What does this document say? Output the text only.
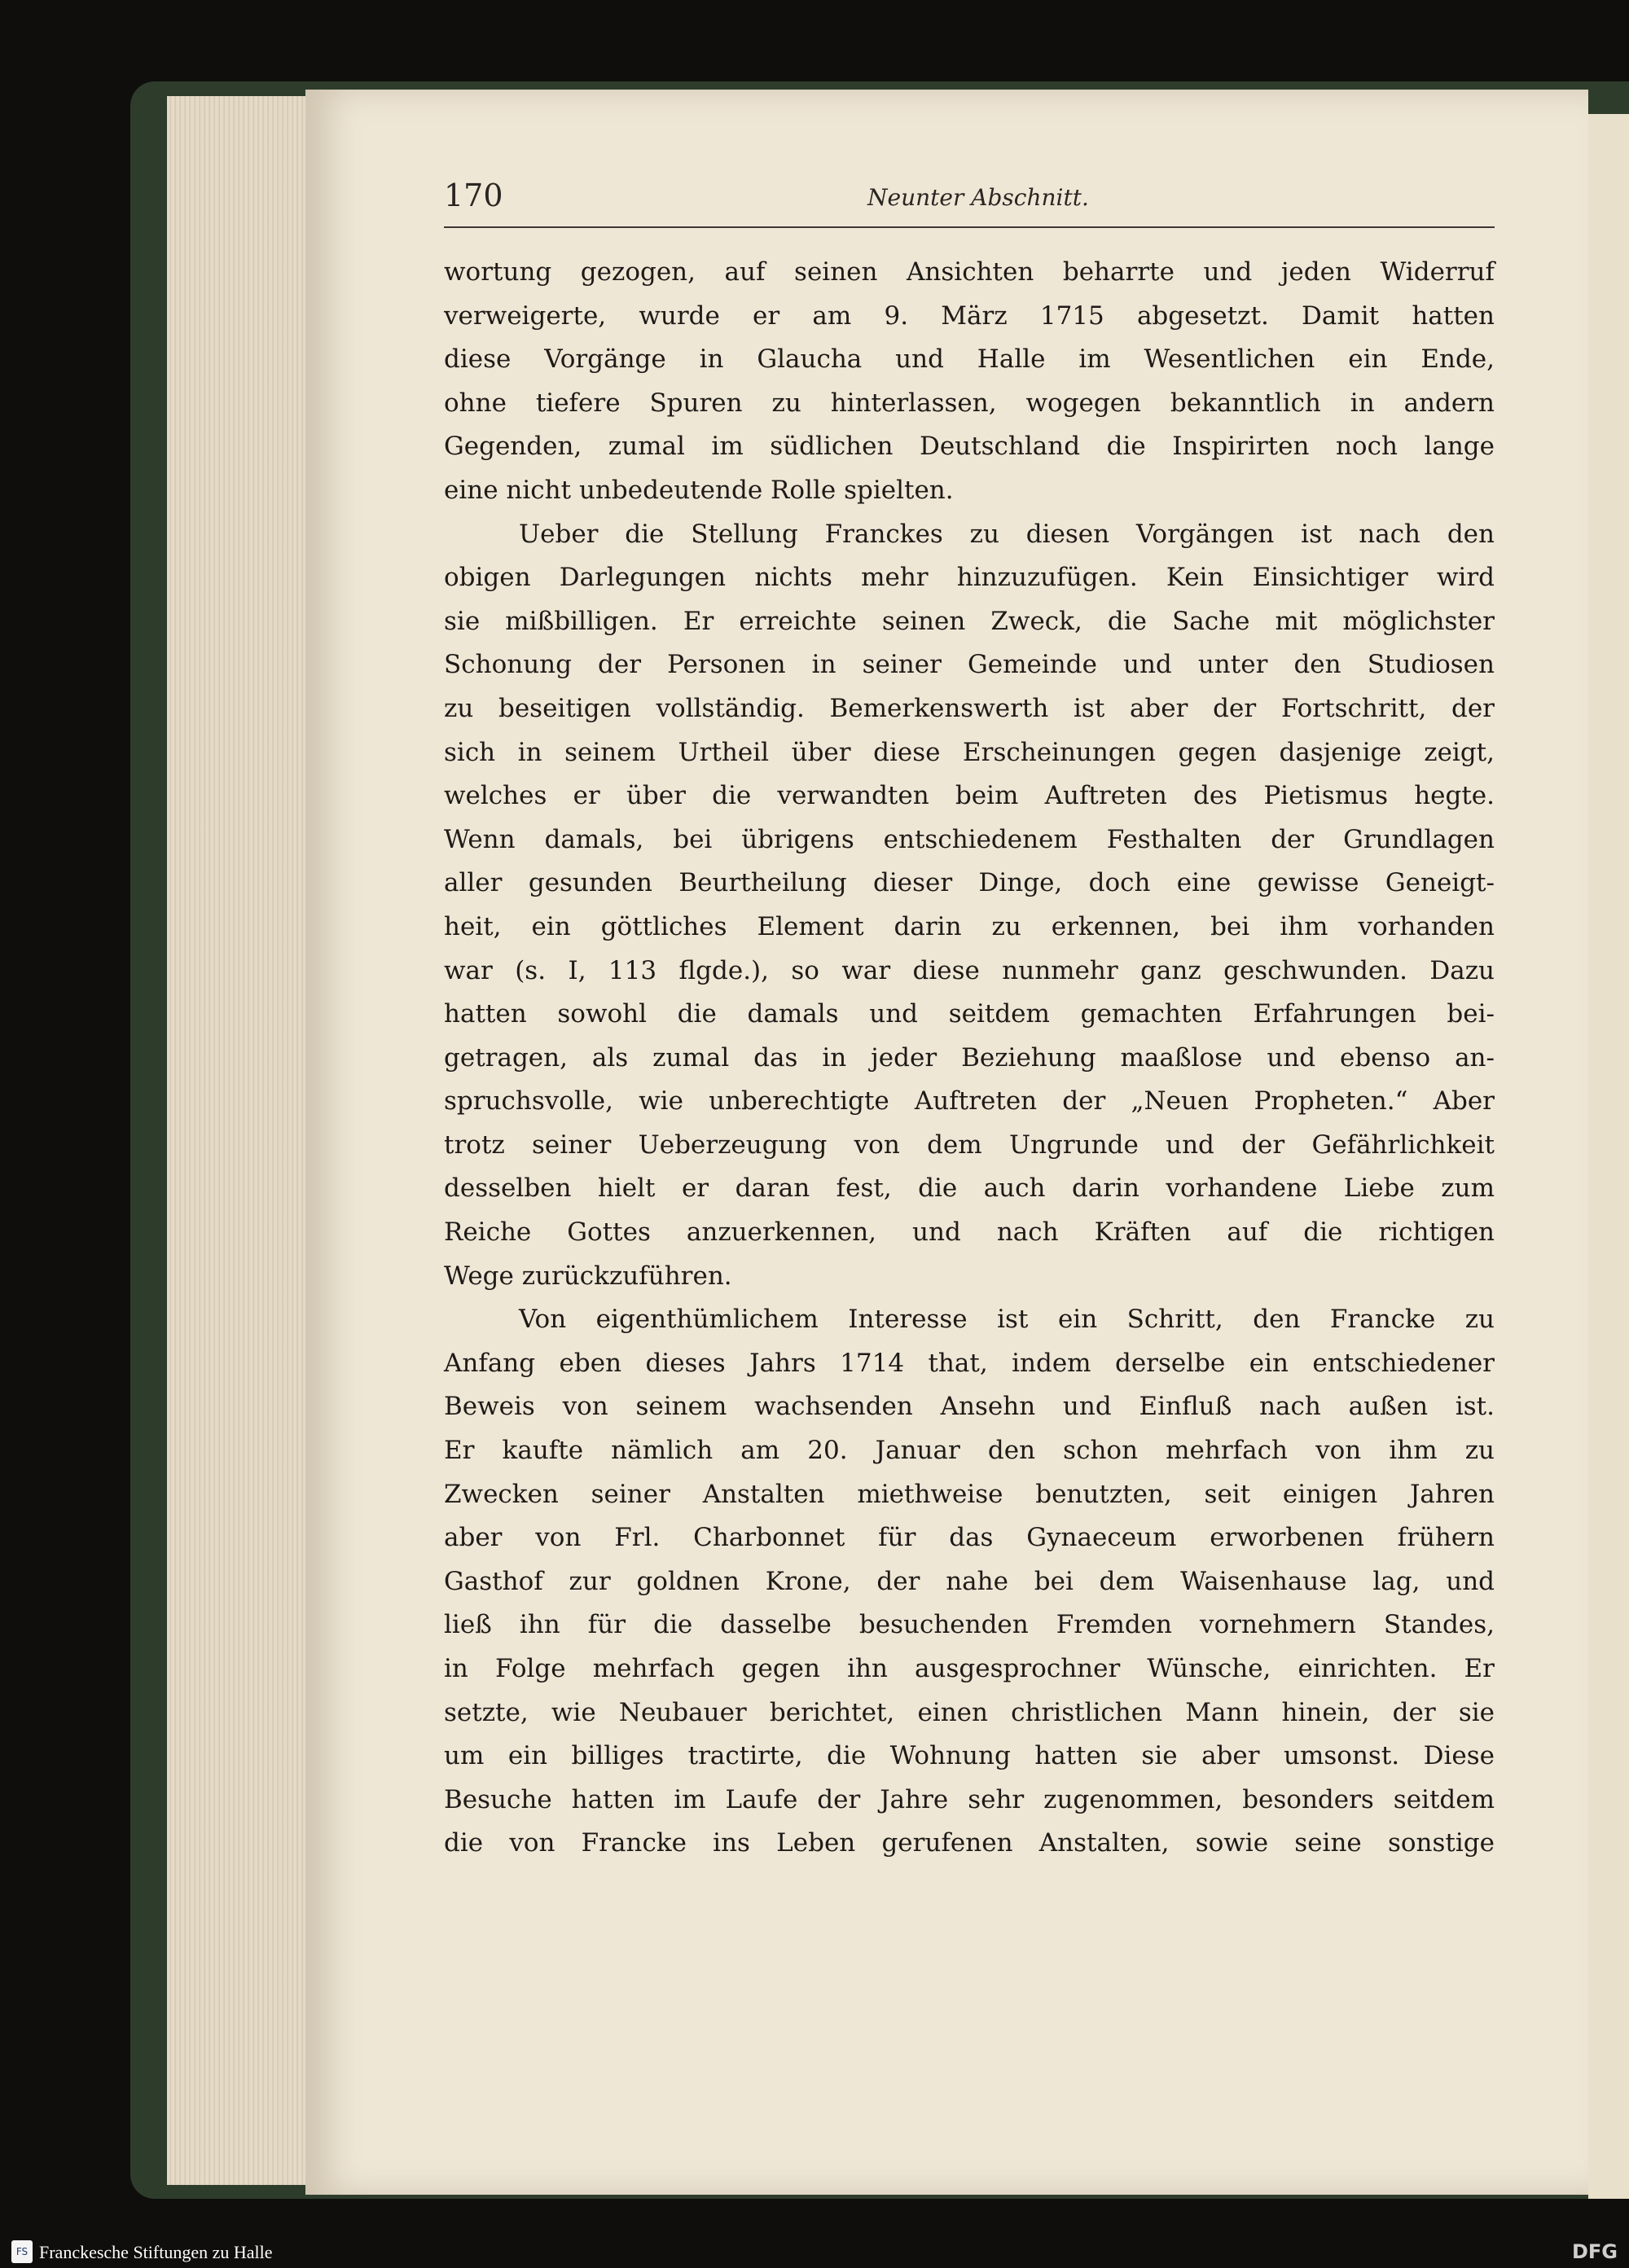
170	Neunter Abschnitt.
wortung gezogen, auf seinen Ansichten beharrte und jeden Widerruf
verweigerte, wurde er am 9. März 1715 abgesetzt. Damit hatten
diese Vorgänge in Glaucha und Halle im Wesentlichen ein Ende,
ohne tiefere Spuren zu hinterlassen, wogegen bekanntlich in andern
Gegenden, zumal im südlichen Deutschland die Inspirirten noch lange
eine nicht unbedeutende Rolle spielten.
Ueber die Stellung Franckes zu diesen Vorgängen ist nach den
obigen Darlegungen nichts mehr hinzuzufügen. Kein Einsichtiger wird
sie mißbilligen. Er erreichte seinen Zweck, die Sache mit möglichster
Schonung der Personen in seiner Gemeinde und unter den Studiosen
zu beseitigen vollständig. Bemerkenswerth ist aber der Fortschritt, der
sich in seinem Urtheil über diese Erscheinungen gegen dasjenige zeigt,
welches er über die verwandten beim Auftreten des Pietismus hegte.
Wenn damals, bei übrigens entschiedenem Festhalten der Grundlagen
aller gesunden Beurtheilung dieser Dinge, doch eine gewisse Geneigt-
heit, ein göttliches Element darin zu erkennen, bei ihm vorhanden
war (s. I, 113 flgde.), so war diese nunmehr ganz geschwunden. Dazu
hatten sowohl die damals und seitdem gemachten Erfahrungen bei-
getragen, als zumal das in jeder Beziehung maaßlose und ebenso an-
spruchsvolle, wie unberechtigte Auftreten der „Neuen Propheten.“ Aber
trotz seiner Ueberzeugung von dem Ungrunde und der Gefährlichkeit
desselben hielt er daran fest, die auch darin vorhandene Liebe zum
Reiche Gottes anzuerkennen, und nach Kräften auf die richtigen
Wege zurückzuführen.
Von eigenthümlichem Interesse ist ein Schritt, den Francke zu
Anfang eben dieses Jahrs 1714 that, indem derselbe ein entschiedener
Beweis von seinem wachsenden Ansehn und Einfluß nach außen ist.
Er kaufte nämlich am 20. Januar den schon mehrfach von ihm zu
Zwecken seiner Anstalten miethweise benutzten, seit einigen Jahren
aber von Frl. Charbonnet für das Gynaeceum erworbenen frühern
Gasthof zur goldnen Krone, der nahe bei dem Waisenhause lag, und
ließ ihn für die dasselbe besuchenden Fremden vornehmern Standes,
in Folge mehrfach gegen ihn ausgesprochner Wünsche, einrichten. Er
setzte, wie Neubauer berichtet, einen christlichen Mann hinein, der sie
um ein billiges tractirte, die Wohnung hatten sie aber umsonst. Diese
Besuche hatten im Laufe der Jahre sehr zugenommen, besonders seitdem
die von Francke ins Leben gerufenen Anstalten, sowie seine sonstige
FS Franckesche Stiftungen zu Halle	DFG
